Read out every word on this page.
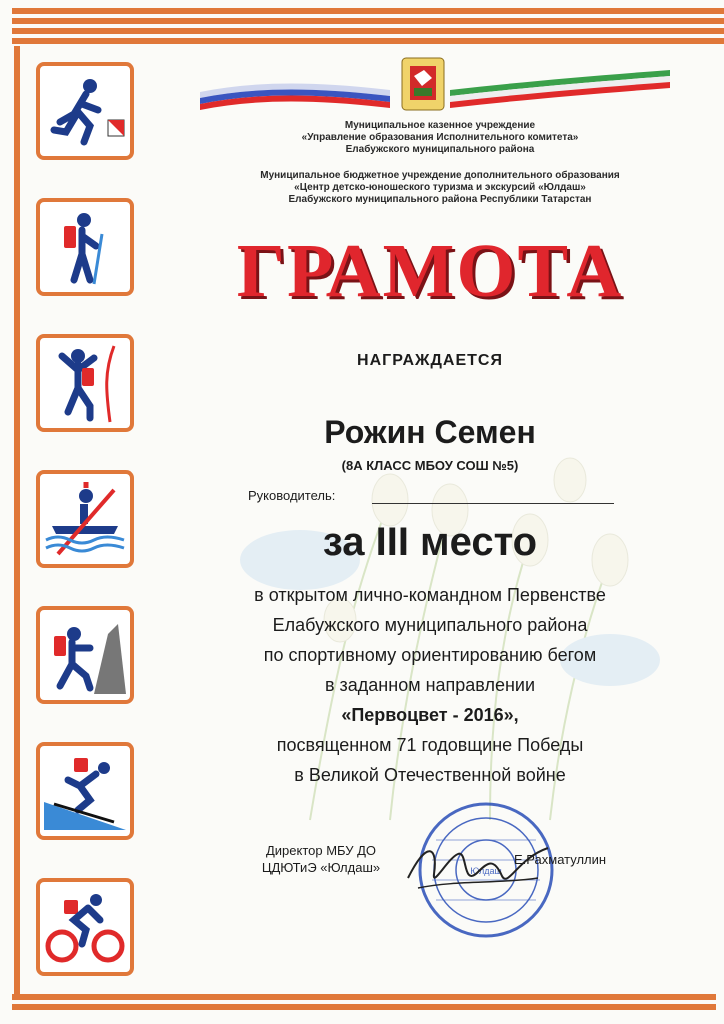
Муниципальное казенное учреждение
«Управление образования Исполнительного комитета»
Елабужского муниципального района
Муниципальное бюджетное учреждение дополнительного образования
«Центр детско-юношеского туризма и экскурсий «Юлдаш»
Елабужского муниципального района Республики Татарстан
ГРАМОТА
НАГРАЖДАЕТСЯ
Рожин Семен
(8А КЛАСС МБОУ СОШ №5)
Руководитель:
за III место
в открытом лично-командном Первенстве
Елабужского муниципального района
по спортивному ориентированию бегом
в заданном направлении
«Первоцвет - 2016»,
посвященном 71 годовщине Победы
в Великой Отечественной войне
Юлдаш
Директор МБУ ДО
ЦДЮТиЭ «Юлдаш»
Е.Рахматуллин
